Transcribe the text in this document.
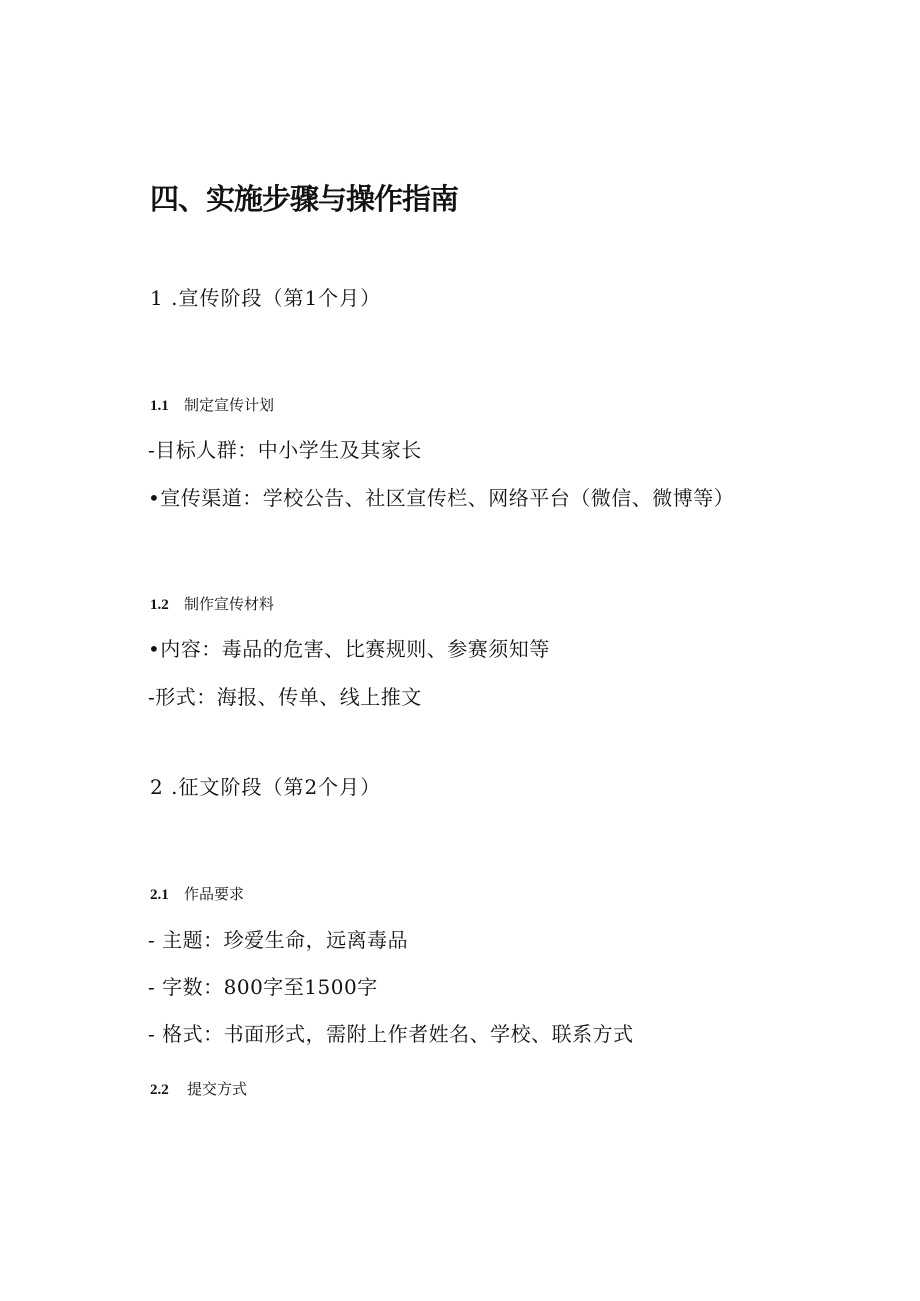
四、实施步骤与操作指南
1 .宣传阶段（第1个月）
1.1 制定宣传计划
-目标人群：中小学生及其家长
•宣传渠道：学校公告、社区宣传栏、网络平台（微信、微博等）
1.2 制作宣传材料
•内容：毒品的危害、比赛规则、参赛须知等
-形式：海报、传单、线上推文
2 .征文阶段（第2个月）
2.1 作品要求
- 主题：珍爱生命，远离毒品
- 字数：800字至1500字
- 格式：书面形式，需附上作者姓名、学校、联系方式
2.2 提交方式
